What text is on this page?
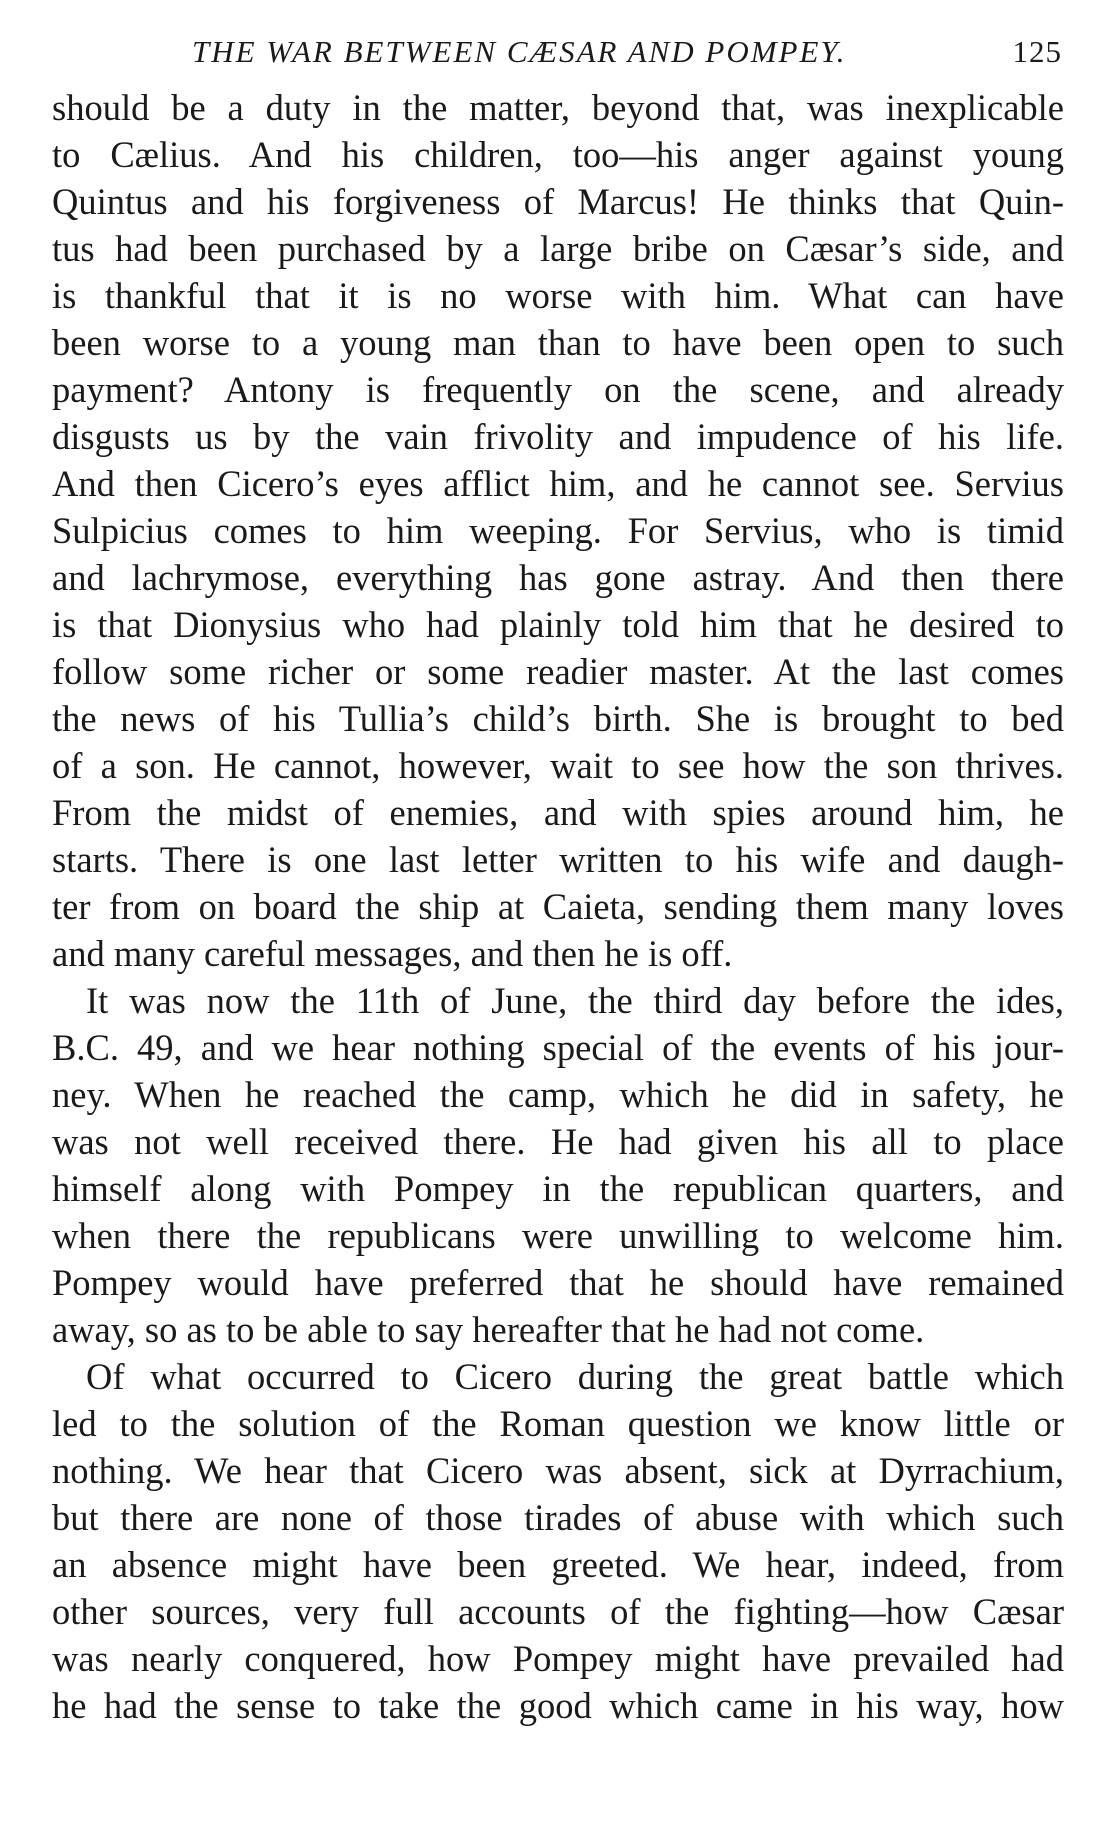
THE WAR BETWEEN CÆSAR AND POMPEY.	125
should be a duty in the matter, beyond that, was inexplicable
to Cælius. And his children, too—his anger against young
Quintus and his forgiveness of Marcus! He thinks that Quin-
tus had been purchased by a large bribe on Cæsar’s side, and
is thankful that it is no worse with him. What can have
been worse to a young man than to have been open to such
payment? Antony is frequently on the scene, and already
disgusts us by the vain frivolity and impudence of his life.
And then Cicero’s eyes afflict him, and he cannot see. Servius
Sulpicius comes to him weeping. For Servius, who is timid
and lachrymose, everything has gone astray. And then there
is that Dionysius who had plainly told him that he desired to
follow some richer or some readier master. At the last comes
the news of his Tullia’s child’s birth. She is brought to bed
of a son. He cannot, however, wait to see how the son thrives.
From the midst of enemies, and with spies around him, he
starts. There is one last letter written to his wife and daugh-
ter from on board the ship at Caieta, sending them many loves
and many careful messages, and then he is off.
It was now the 11th of June, the third day before the ides,
B.C. 49, and we hear nothing special of the events of his jour-
ney. When he reached the camp, which he did in safety, he
was not well received there. He had given his all to place
himself along with Pompey in the republican quarters, and
when there the republicans were unwilling to welcome him.
Pompey would have preferred that he should have remained
away, so as to be able to say hereafter that he had not come.
Of what occurred to Cicero during the great battle which
led to the solution of the Roman question we know little or
nothing. We hear that Cicero was absent, sick at Dyrrachium,
but there are none of those tirades of abuse with which such
an absence might have been greeted. We hear, indeed, from
other sources, very full accounts of the fighting—how Cæsar
was nearly conquered, how Pompey might have prevailed had
he had the sense to take the good which came in his way, how
